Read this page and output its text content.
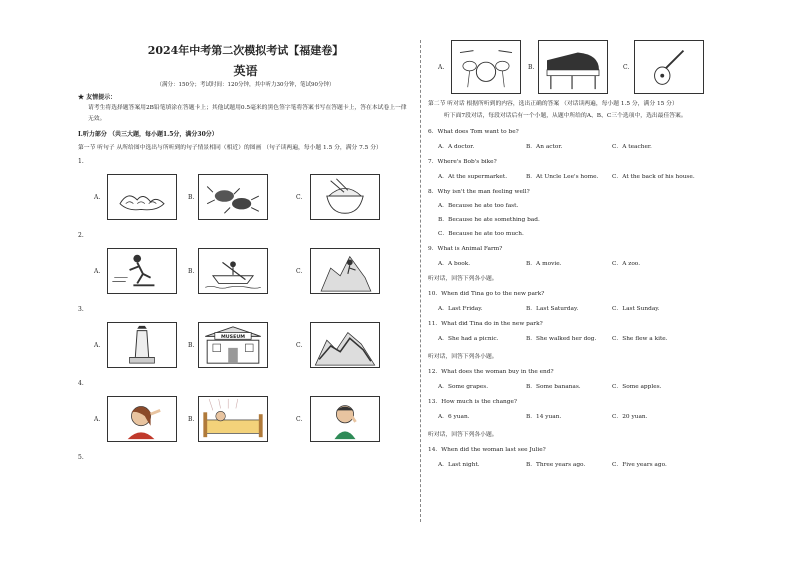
2024年中考第二次模拟考试【福建卷】
英语
（满分：150分；考试时间：120分钟，其中听力30分钟，笔试90分钟）
★ 友情提示：
请考生将选择题答案用2B铅笔填涂在答题卡上；其他试题用0.5毫米的黑色签字笔将答案书写在答题卡上，答在本试卷上一律无效。
I.听力部分 （共三大题，每小题1.5分，满分30分）
第一节 听句子 从所给图中选出与所听到的句子情景相同（相近）的图画 （句子读两遍，每小题 1.5 分，满分 7.5 分）
1.
A.	B.	C.
2.
A.	B.	C.
3.
A.	B.
MUSEUM
C.
4.
A.	B.	C.
5.
A.	B.	C.
第二节 听对话 根据所听到的内容，选出正确的答案 （对话读两遍，每小题 1.5 分，满分 15 分）
听下面7段对话，每段对话后有一个小题，从题中所给的A、B、C三个选项中，选出最佳答案。
6．What does Tom want to be?
A．A doctor.	B．An actor.	C．A teacher.
7．Where's Bob's bike?
A．At the supermarket.	B．At Uncle Lee's home. C．At the back of his house.
8．Why isn't the man feeling well?
A．Because he ate too fast.
B．Because he ate something bad.
C．Because he ate too much.
9．What is Animal Farm?
A．A book.	B．A movie.	C．A zoo.
听对话，回答下列各小题。
10．When did Tina go to the new park?
A．Last Friday.	B．Last Saturday.	C．Last Sunday.
11．What did Tina do in the new park?
A．She had a picnic.	B．She walked her dog.	C．She flew a kite.
听对话，回答下列各小题。
12．What does the woman buy in the end?
A．Some grapes.	B．Some bananas.	C．Some apples.
13．How much is the change?
A．6 yuan.	B．14 yuan.	C．20 yuan.
听对话，回答下列各小题。
14．When did the woman last see Julie?
A．Last night.	B．Three years ago.	C．Five years ago.
